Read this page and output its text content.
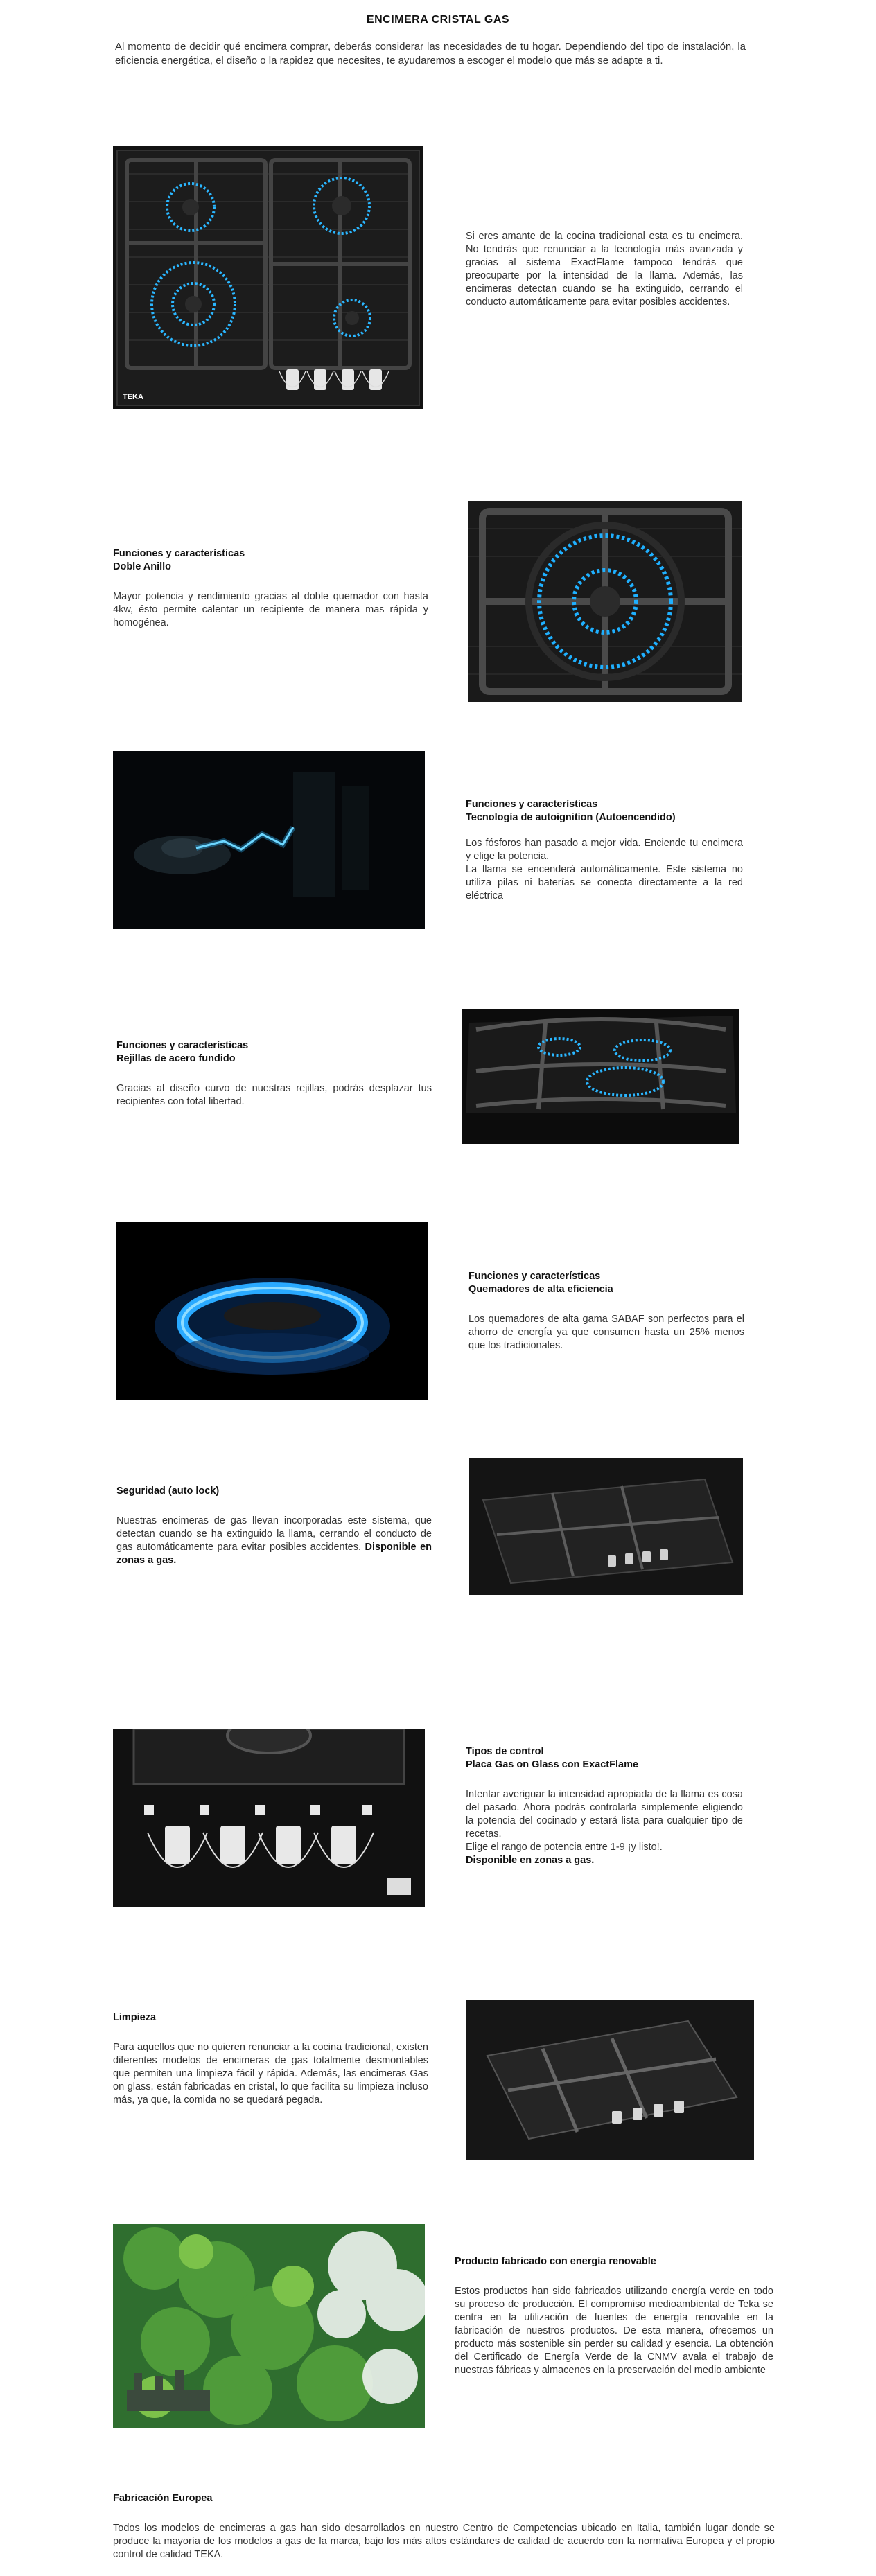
ENCIMERA CRISTAL GAS
Al momento de decidir qué encimera comprar, deberás considerar las necesidades de tu hogar. Dependiendo del tipo de instalación, la eficiencia energética, el diseño o la rapidez que necesites, te ayudaremos a escoger el modelo que más se adapte a ti.
TEKA

Si eres amante de la cocina tradicional esta es tu encimera. No tendrás que renunciar a la tecnología más avanzada y gracias al sistema ExactFlame tampoco tendrás que preocuparte por la intensidad de la llama. Además, las encimeras detectan cuando se ha extinguido, cerrando el conducto automáticamente para evitar posibles accidentes.

Funciones y características
Doble Anillo

Mayor potencia y rendimiento gracias al doble quemador con hasta 4kw, ésto permite calentar un recipiente de manera mas rápida y homogénea.

Funciones y características
Tecnología de autoignition (Autoencendido)

Los fósforos han pasado a mejor vida. Enciende tu encimera y elige la potencia.

La llama se encenderá automáticamente. Este sistema no utiliza pilas ni baterías se conecta directamente a la red eléctrica

Funciones y características
Rejillas de acero fundido

Gracias al diseño curvo de nuestras rejillas, podrás desplazar tus recipientes con total libertad.

Funciones y características
Quemadores de alta eficiencia

Los quemadores de alta gama SABAF son perfectos para el ahorro de energía ya que consumen hasta un 25% menos que los tradicionales.

Seguridad (auto lock)

Nuestras encimeras de gas llevan incorporadas este sistema, que detectan cuando se ha extinguido la llama, cerrando el conducto de gas automáticamente para evitar posibles accidentes. Disponible en zonas a gas.

Tipos de control
Placa Gas on Glass con ExactFlame

Intentar averiguar la intensidad apropiada de la llama es cosa del pasado. Ahora podrás controlarla simplemente eligiendo la potencia del cocinado y estará lista para cualquier tipo de recetas.

Elige el rango de potencia entre 1-9 ¡y listo!.

Disponible en zonas a gas.

Limpieza

Para aquellos que no quieren renunciar a la cocina tradicional, existen diferentes modelos de encimeras de gas totalmente desmontables que permiten una limpieza fácil y rápida. Además, las encimeras Gas on glass, están fabricadas en cristal, lo que facilita su limpieza incluso más, ya que, la comida no se quedará pegada.

Producto fabricado con energía renovable

Estos productos han sido fabricados utilizando energía verde en todo su proceso de producción. El compromiso medioambiental de Teka se centra en la utilización de fuentes de energía renovable en la fabricación de nuestros productos. De esta manera, ofrecemos un producto más sostenible sin perder su calidad y esencia. La obtención del Certificado de Energía Verde de la CNMV avala el trabajo de nuestras fábricas y almacenes en la preservación del medio ambiente

Fabricación Europea

Todos los modelos de encimeras a gas han sido desarrollados en nuestro Centro de Competencias ubicado en Italia, también lugar donde se produce la mayoría de los modelos a gas de la marca, bajo los más altos estándares de calidad de acuerdo con la normativa Europea y el propio control de calidad TEKA.
